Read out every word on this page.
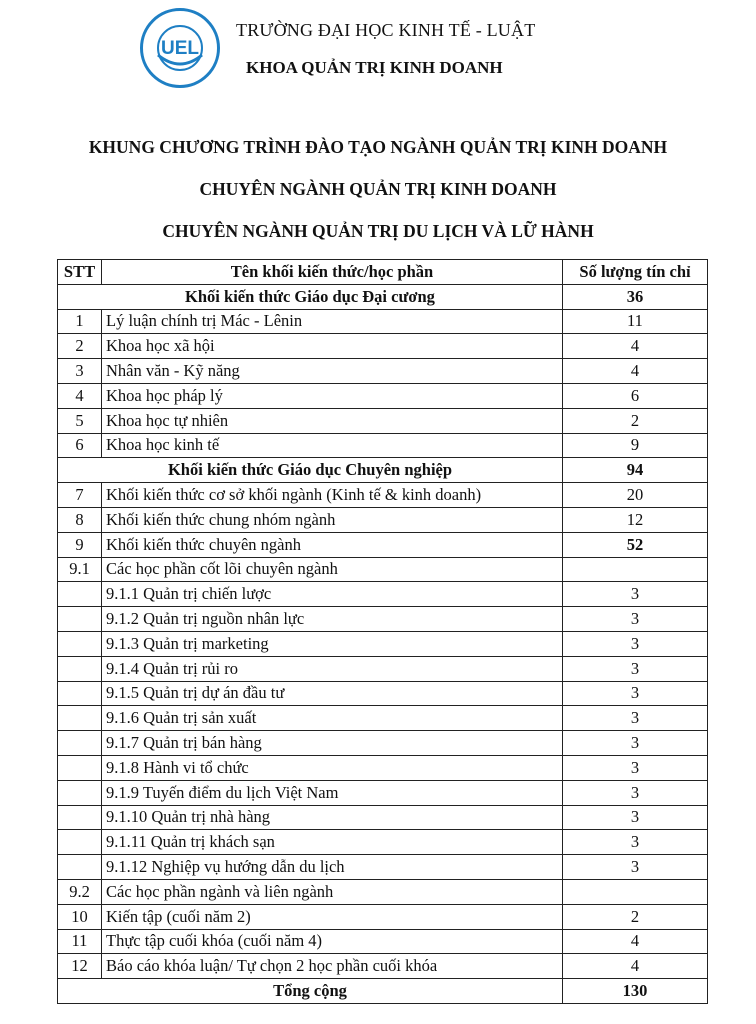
UEL
TRƯỜNG ĐẠI HỌC KINH TẾ - LUẬT
KHOA QUẢN TRỊ KINH DOANH
KHUNG CHƯƠNG TRÌNH ĐÀO TẠO NGÀNH QUẢN TRỊ KINH DOANH
CHUYÊN NGÀNH QUẢN TRỊ KINH DOANH
CHUYÊN NGÀNH QUẢN TRỊ DU LỊCH VÀ LỮ HÀNH
STT	Tên khối kiến thức/học phần	Số lượng tín chỉ
Khối kiến thức Giáo dục Đại cương		36
1	Lý luận chính trị Mác - Lênin	11
2	Khoa học xã hội	4
3	Nhân văn - Kỹ năng	4
4	Khoa học pháp lý	6
5	Khoa học tự nhiên	2
6	Khoa học kinh tế	9
Khối kiến thức Giáo dục Chuyên nghiệp		94
7	Khối kiến thức cơ sở khối ngành (Kinh tế & kinh doanh)	20
8	Khối kiến thức chung nhóm ngành	12
9	Khối kiến thức chuyên ngành	52
9.1	Các học phần cốt lõi chuyên ngành	
	9.1.1 Quản trị chiến lược	3
	9.1.2 Quản trị nguồn nhân lực	3
	9.1.3 Quản trị marketing	3
	9.1.4 Quản trị rủi ro	3
	9.1.5 Quản trị dự án đầu tư	3
	9.1.6 Quản trị sản xuất	3
	9.1.7 Quản trị bán hàng	3
	9.1.8 Hành vi tổ chức	3
	9.1.9 Tuyến điểm du lịch Việt Nam	3
	9.1.10 Quản trị nhà hàng	3
	9.1.11 Quản trị khách sạn	3
	9.1.12 Nghiệp vụ hướng dẫn du lịch	3
9.2	Các học phần ngành và liên ngành	
10	Kiến tập (cuối năm 2)	2
11	Thực tập cuối khóa (cuối năm 4)	4
12	Báo cáo khóa luận/ Tự chọn 2 học phần cuối khóa	4
Tổng cộng		130
